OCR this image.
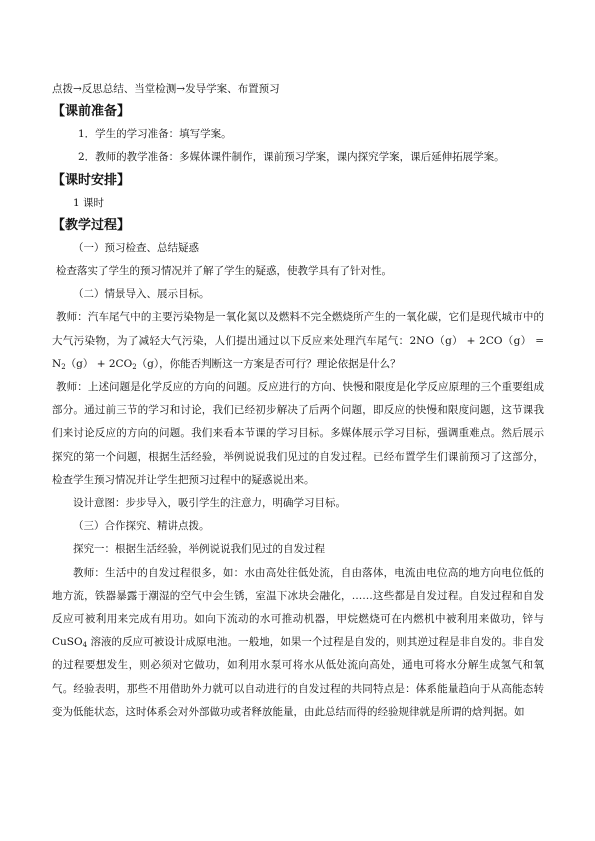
点拨→反思总结、当堂检测→发导学案、布置预习

【课前准备】

1．学生的学习准备：填写学案。

2．教师的教学准备：多媒体课件制作，课前预习学案，课内探究学案，课后延伸拓展学案。

【课时安排】

1 课时

【教学过程】

（一）预习检查、总结疑惑

检查落实了学生的预习情况并了解了学生的疑惑，使教学具有了针对性。

（二）情景导入、展示目标。

教师：汽车尾气中的主要污染物是一氧化氮以及燃料不完全燃烧所产生的一氧化碳，它们是现代城市中的大气污染物，为了减轻大气污染，人们提出通过以下反应来处理汽车尾气：$2NO(g) + 2CO(g) = N_2(g) + 2CO_2(g)$，你能否判断这一方案是否可行？理论依据是什么？

教师：上述问题是化学反应的方向的问题。反应进行的方向、快慢和限度是化学反应原理的三个重要组成部分。通过前三节的学习和讨论，我们已经初步解决了后两个问题，即反应的快慢和限度问题，这节课我们来讨论反应的方向的问题。我们来看本节课的学习目标。多媒体展示学习目标，强调重难点。然后展示探究的第一个问题，根据生活经验，举例说说我们见过的自发过程。已经布置学生们课前预习了这部分，检查学生预习情况并让学生把预习过程中的疑惑说出来。

设计意图：步步导入，吸引学生的注意力，明确学习目标。

（三）合作探究、精讲点拨。

探究一：根据生活经验，举例说说我们见过的自发过程

教师：生活中的自发过程很多，如：水由高处往低处流，自由落体，电流由电位高的地方向电位低的地方流，铁器暴露于潮湿的空气中会生锈，室温下冰块会融化，……这些都是自发过程。自发过程和自发反应可被利用来完成有用功。如向下流动的水可推动机器，甲烷燃烧可在内燃机中被利用来做功，锌与 CuSO$_4$ 溶液的反应可被设计成原电池。一般地，如果一个过程是自发的，则其逆过程是非自发的。非自发的过程要想发生，则必须对它做功，如利用水泵可将水从低处流向高处，通电可将水分解生成氢气和氧气。经验表明，那些不用借助外力就可以自动进行的自发过程的共同特点是：体系能量趋向于从高能态转变为低能状态，这时体系会对外部做功或者释放能量，由此总结而得的经验规律就是所谓的焓判据。如
